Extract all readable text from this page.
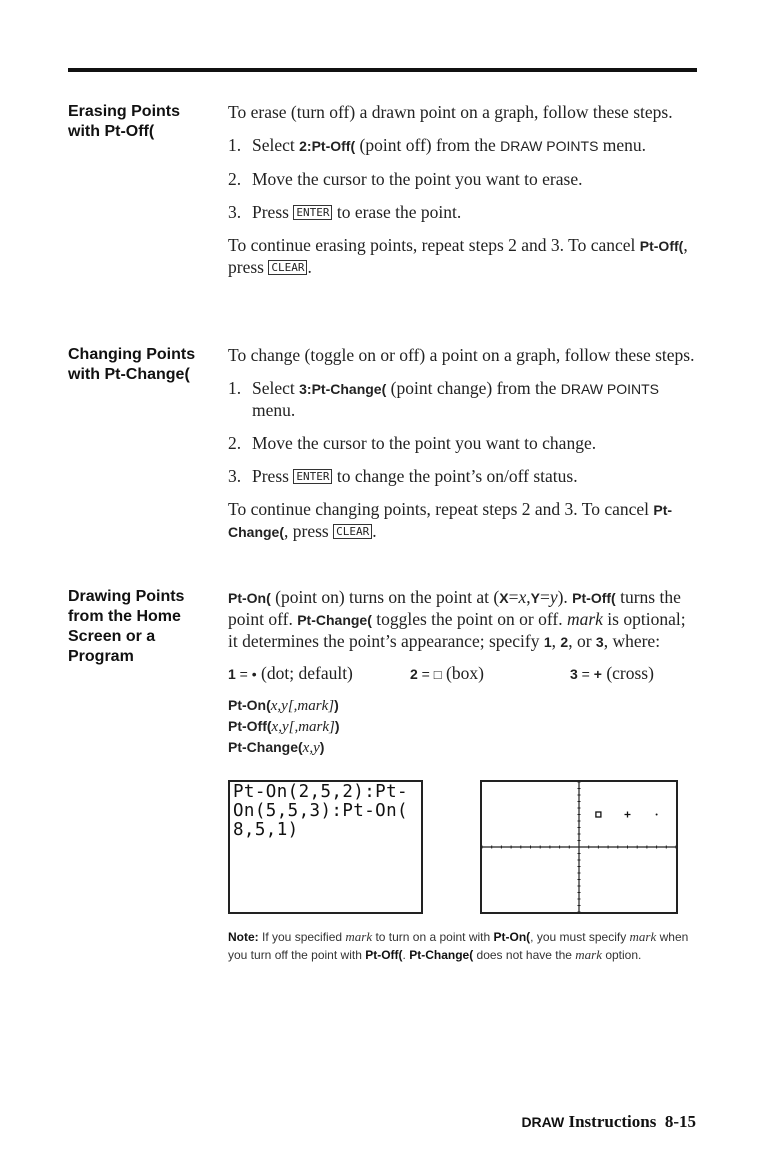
Erasing Points
with Pt-Off(

To erase (turn off) a drawn point on a graph, follow these steps.

1. Select 2:Pt-Off( (point off) from the DRAW POINTS menu.

2. Move the cursor to the point you want to erase.

3. Press ENTER to erase the point.

To continue erasing points, repeat steps 2 and 3. To cancel Pt-Off(, press CLEAR .

Changing Points
with Pt-Change(

To change (toggle on or off) a point on a graph, follow these steps.

1. Select 3:Pt-Change( (point change) from the DRAW POINTS menu.

2. Move the cursor to the point you want to change.

3. Press ENTER to change the point’s on/off status.

To continue changing points, repeat steps 2 and 3. To cancel Pt-Change(, press CLEAR .

Drawing Points
from the Home
Screen or a
Program

Pt-On( (point on) turns on the point at (X=x,Y=y). Pt-Off( turns the point off. Pt-Change( toggles the point on or off. mark is optional; it determines the point’s appearance; specify 1, 2, or 3, where:

1 = • (dot; default)	2 = □ (box)	3 = + (cross)
Pt-On(x,y[,mark])
Pt-Off(x,y[,mark])
Pt-Change(x,y)
Pt-On(2,5,2):Pt-
On(5,5,3):Pt-On(
8,5,1)
Note: If you specified mark to turn on a point with Pt-On(, you must specify mark when you turn off the point with Pt-Off(. Pt-Change( does not have the mark option.
DRAW Instructions 8-15
